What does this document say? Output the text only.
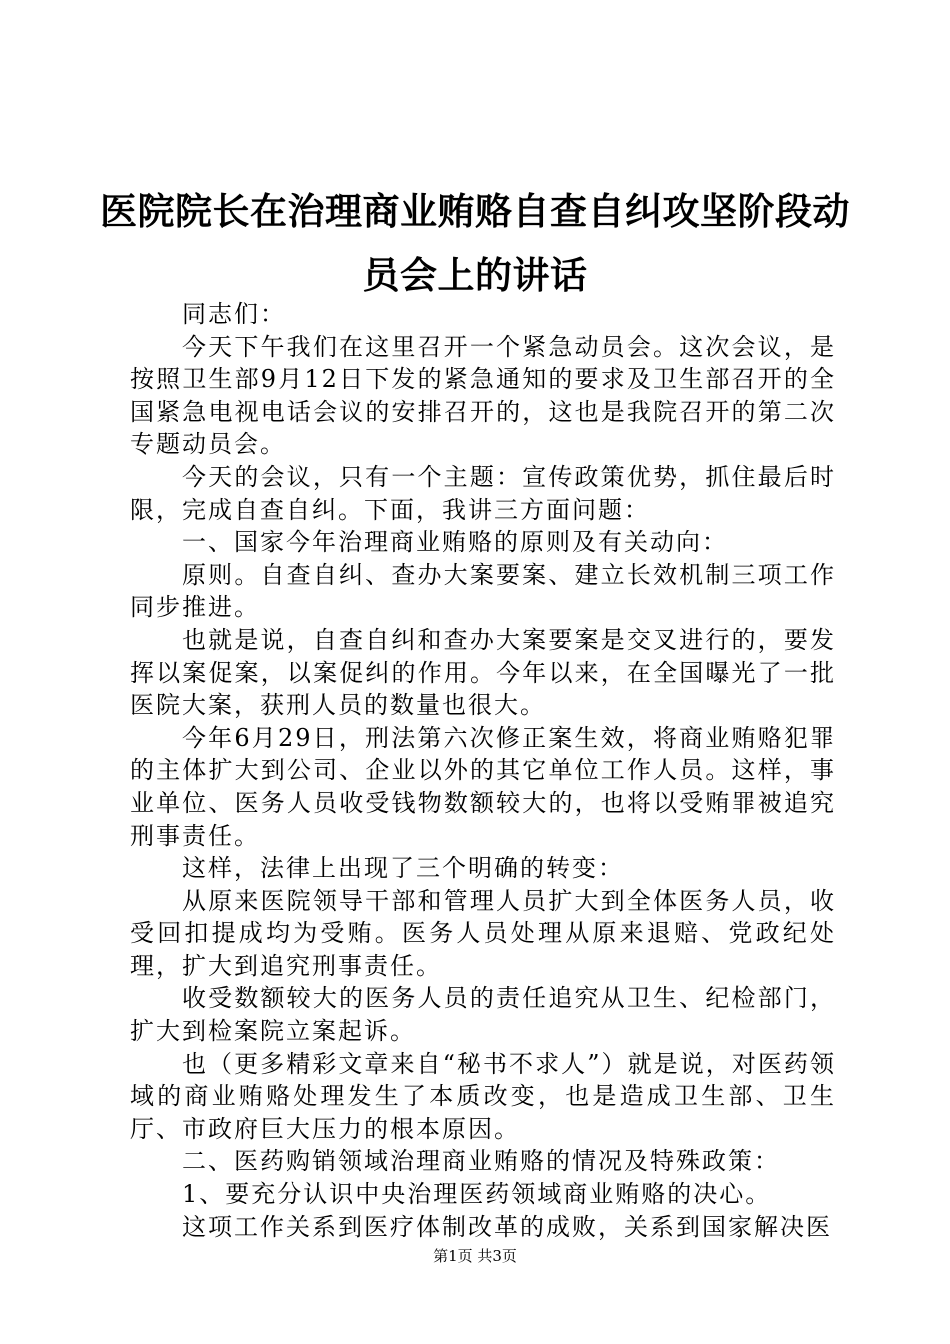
医院院长在治理商业贿赂自查自纠攻坚阶段动员会上的讲话

同志们：

今天下午我们在这里召开一个紧急动员会。这次会议，是按照卫生部9月12日下发的紧急通知的要求及卫生部召开的全国紧急电视电话会议的安排召开的，这也是我院召开的第二次专题动员会。

今天的会议，只有一个主题：宣传政策优势，抓住最后时限，完成自查自纠。下面，我讲三方面问题：

一、国家今年治理商业贿赂的原则及有关动向：

原则。自查自纠、查办大案要案、建立长效机制三项工作同步推进。

也就是说，自查自纠和查办大案要案是交叉进行的，要发挥以案促案，以案促纠的作用。今年以来，在全国曝光了一批医院大案，获刑人员的数量也很大。

今年6月29日，刑法第六次修正案生效，将商业贿赂犯罪的主体扩大到公司、企业以外的其它单位工作人员。这样，事业单位、医务人员收受钱物数额较大的，也将以受贿罪被追究刑事责任。

这样，法律上出现了三个明确的转变：

从原来医院领导干部和管理人员扩大到全体医务人员，收受回扣提成均为受贿。医务人员处理从原来退赔、党政纪处理，扩大到追究刑事责任。

收受数额较大的医务人员的责任追究从卫生、纪检部门，扩大到检案院立案起诉。

也（更多精彩文章来自“秘书不求人”）就是说，对医药领域的商业贿赂处理发生了本质改变，也是造成卫生部、卫生厅、市政府巨大压力的根本原因。

二、医药购销领域治理商业贿赂的情况及特殊政策：

1、要充分认识中央治理医药领域商业贿赂的决心。

这项工作关系到医疗体制改革的成败，关系到国家解决医

第1页 共3页
